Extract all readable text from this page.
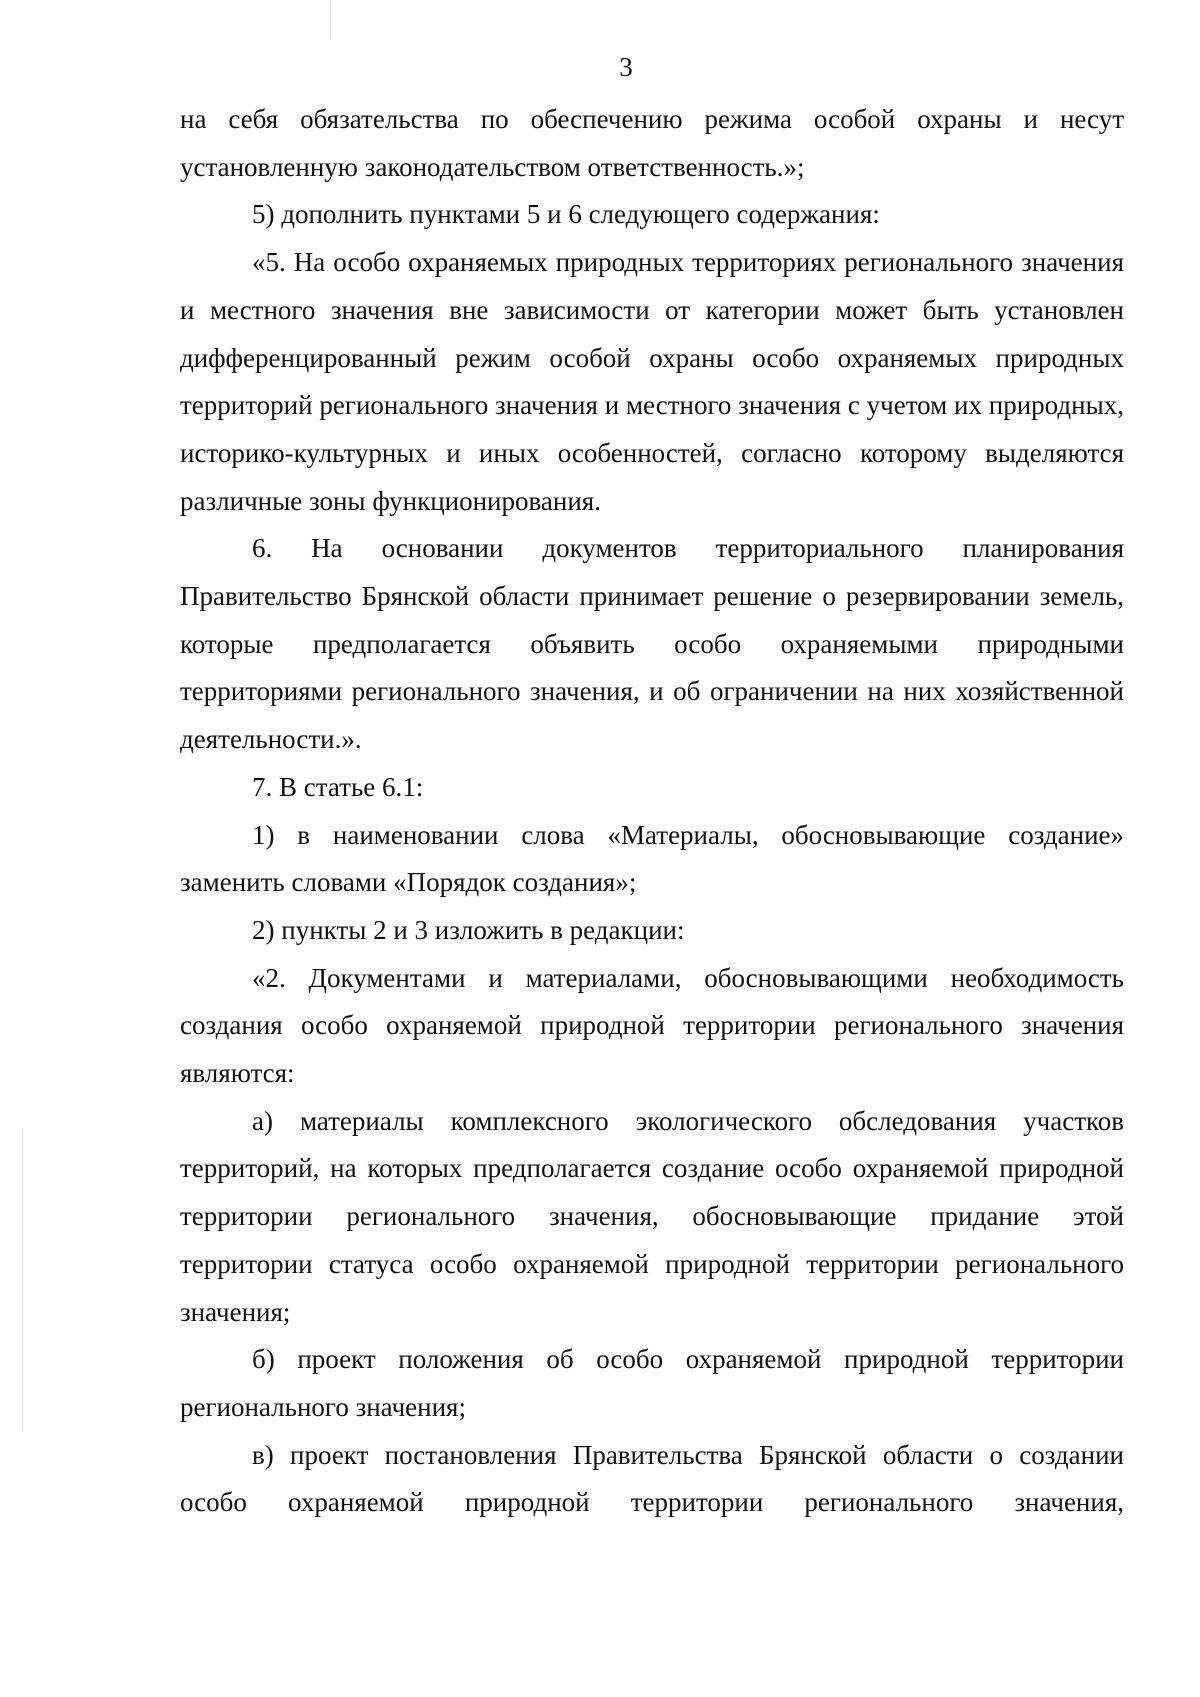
3

на себя обязательства по обеспечению режима особой охраны и несут установленную законодательством ответственность.»;

5) дополнить пунктами 5 и 6 следующего содержания:

«5. На особо охраняемых природных территориях регионального значения и местного значения вне зависимости от категории может быть установлен дифференцированный режим особой охраны особо охраняемых природных территорий регионального значения и местного значения с учетом их природных, историко-культурных и иных особенностей, согласно которому выделяются различные зоны функционирования.

6. На основании документов территориального планирования Правительство Брянской области принимает решение о резервировании земель, которые предполагается объявить особо охраняемыми природными территориями регионального значения, и об ограничении на них хозяйственной деятельности.».

7. В статье 6.1:

1) в наименовании слова «Материалы, обосновывающие создание» заменить словами «Порядок создания»;

2) пункты 2 и 3 изложить в редакции:

«2. Документами и материалами, обосновывающими необходимость создания особо охраняемой природной территории регионального значения являются:

а) материалы комплексного экологического обследования участков территорий, на которых предполагается создание особо охраняемой природной территории регионального значения, обосновывающие придание этой территории статуса особо охраняемой природной территории регионального значения;

б) проект положения об особо охраняемой природной территории регионального значения;

в) проект постановления Правительства Брянской области о создании особо охраняемой природной территории регионального значения,
